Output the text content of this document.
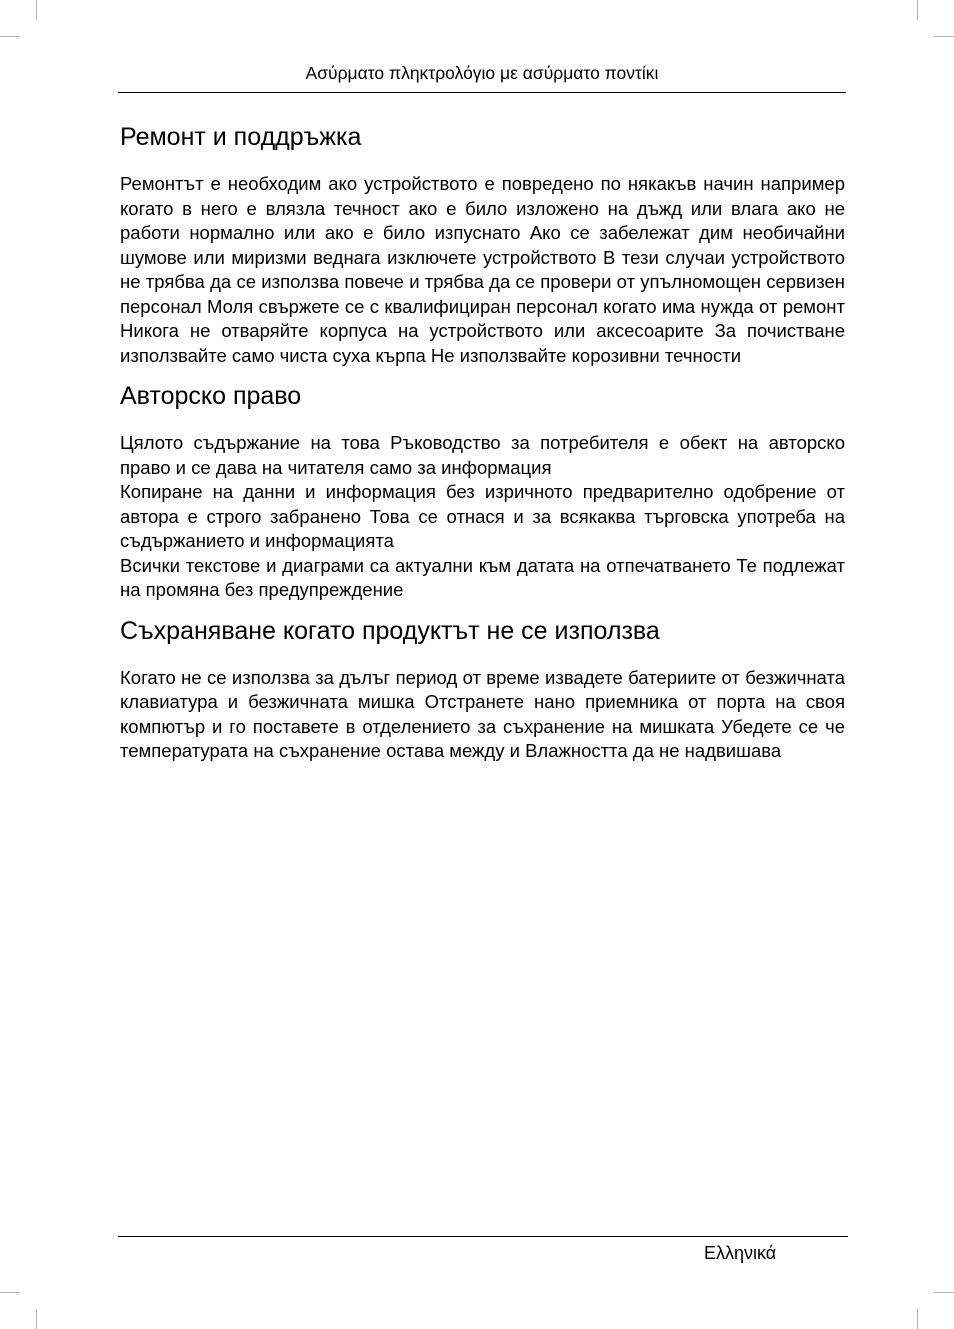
Ασύρματο πληκτρολόγιο με ασύρματο ποντίκι
Ремонт и поддръжка

Ремонтът е необходим ако устройството е повредено по някакъв начин например когато в него е влязла течност ако е било изложено на дъжд или влага ако не работи нормално или ако е било изпуснато Ако се забележат дим необичайни шумове или миризми веднага изключете устройството В тези случаи устройството не трябва да се използва повече и трябва да се провери от упълномощен сервизен персонал Моля свържете се с квалифициран персонал когато има нужда от ремонт Никога не отваряйте корпуса на устройството или аксесоарите За почистване използвайте само чиста суха кърпа Не използвайте корозивни течности

Авторско право

Цялото съдържание на това Ръководство за потребителя е обект на авторско право и се дава на читателя само за информация

Копиране на данни и информация без изричното предварително одобрение от автора е строго забранено Това се отнася и за всякаква търговска употреба на съдържанието и информацията

Всички текстове и диаграми са актуални към датата на отпечатването Те подлежат на промяна без предупреждение

Съхраняване когато продуктът не се използва

Когато не се използва за дълъг период от време извадете батериите от безжичната клавиатура и безжичната мишка Отстранете нано приемника от порта на своя компютър и го поставете в отделението за съхранение на мишката Убедете се че температурата на съхранение остава между и Влажността да не надвишава

Ελληνικά
